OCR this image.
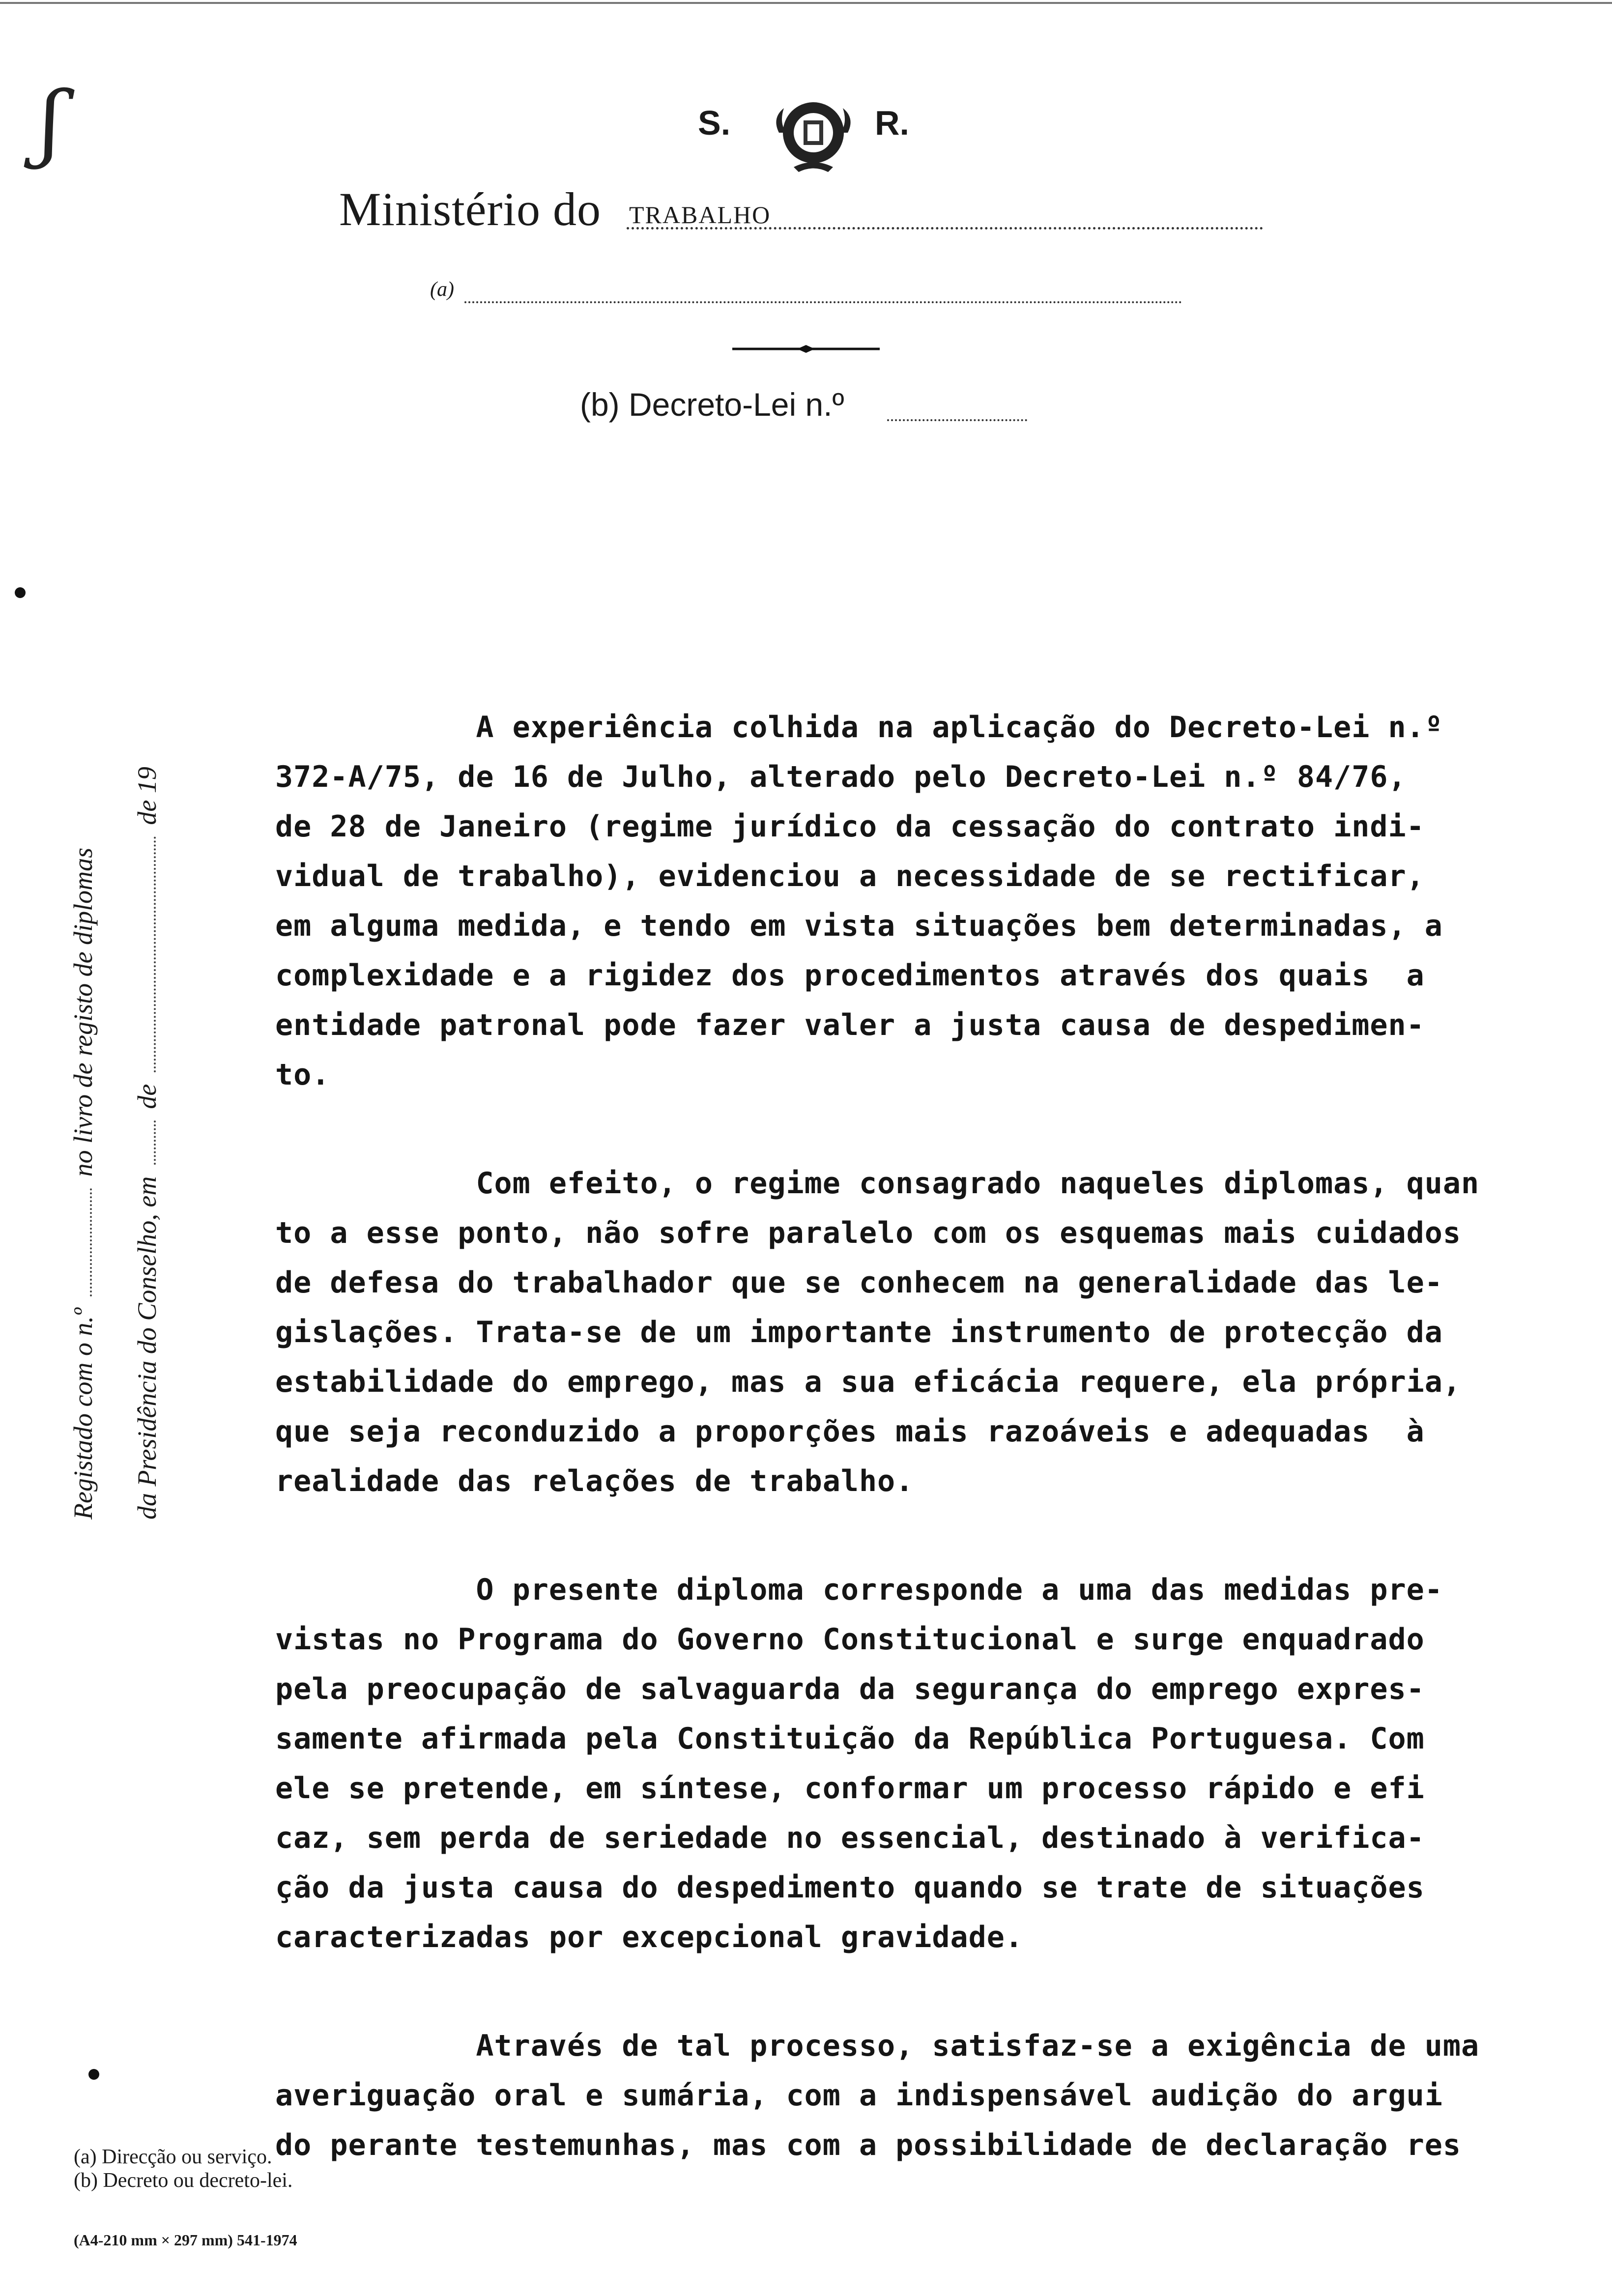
ʃ	S.	R.
Ministério do TRABALHO
(a)
(b) Decreto-Lei n.º
Registado com o n.º  no livro de registo de diplomas
da Presidência do Conselho, em  de  de 19
A experiência colhida na aplicação do Decreto-Lei n.º
372-A/75, de 16 de Julho, alterado pelo Decreto-Lei n.º 84/76,
de 28 de Janeiro (regime jurídico da cessação do contrato indi-
vidual de trabalho), evidenciou a necessidade de se rectificar,
em alguma medida, e tendo em vista situações bem determinadas, a
complexidade e a rigidez dos procedimentos através dos quais  a
entidade patronal pode fazer valer a justa causa de despedimen-
to.
Com efeito, o regime consagrado naqueles diplomas, quan
to a esse ponto, não sofre paralelo com os esquemas mais cuidados
de defesa do trabalhador que se conhecem na generalidade das le-
gislações. Trata-se de um importante instrumento de protecção da
estabilidade do emprego, mas a sua eficácia requere, ela própria,
que seja reconduzido a proporções mais razoáveis e adequadas  à
realidade das relações de trabalho.
O presente diploma corresponde a uma das medidas pre-
vistas no Programa do Governo Constitucional e surge enquadrado
pela preocupação de salvaguarda da segurança do emprego expres-
samente afirmada pela Constituição da República Portuguesa. Com
ele se pretende, em síntese, conformar um processo rápido e efi
caz, sem perda de seriedade no essencial, destinado à verifica-
ção da justa causa do despedimento quando se trate de situações
caracterizadas por excepcional gravidade.
Através de tal processo, satisfaz-se a exigência de uma
averiguação oral e sumária, com a indispensável audição do argui
do perante testemunhas, mas com a possibilidade de declaração res
(a) Direcção ou serviço.
(b) Decreto ou decreto-lei.
(A4-210 mm × 297 mm) 541-1974
